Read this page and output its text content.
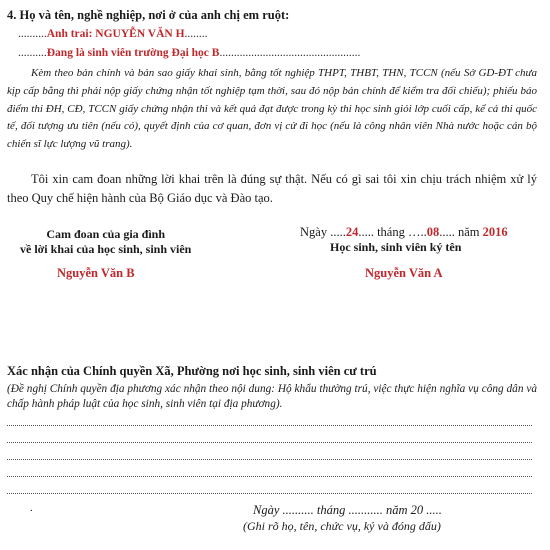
4. Họ và tên, nghề nghiệp, nơi ở của anh chị em ruột:
..........Anh trai: NGUYỄN VĂN H........
..........Đang là sinh viên trường Đại học B.................................................
Kèm theo bản chính và bản sao giấy khai sinh, bằng tốt nghiệp THPT, THBT, THN, TCCN (nếu Sở GD-ĐT chưa kịp cấp bằng thì phải nộp giấy chứng nhận tốt nghiệp tạm thời, sau đó nộp bản chính để kiểm tra đối chiếu); phiếu báo điểm thi ĐH, CĐ, TCCN giấy chứng nhận thi và kết quả đạt được trong kỳ thi học sinh giỏi lớp cuối cấp, kể cả thi quốc tế, đối tượng ưu tiên (nếu có), quyết định của cơ quan, đơn vị cử đi học (nếu là công nhân viên Nhà nước hoặc cán bộ chiến sĩ lực lượng vũ trang).
Tôi xin cam đoan những lời khai trên là đúng sự thật. Nếu có gì sai tôi xin chịu trách nhiệm xử lý theo Quy chế hiện hành của Bộ Giáo dục và Đào tạo.
Cam đoan của gia đình
về lời khai của học sinh, sinh viên
Ngày .....24..... tháng …..08..... năm 2016
Học sinh, sinh viên ký tên
Nguyễn Văn B	Nguyễn Văn A
Xác nhận của Chính quyền Xã, Phường nơi học sinh, sinh viên cư trú
(Đề nghị Chính quyền địa phương xác nhận theo nội dung: Hộ khẩu thường trú, việc thực hiện nghĩa vụ công dân và chấp hành pháp luật của học sinh, sinh viên tại địa phương).
.	Ngày .......... tháng ........... năm 20 .....
(Ghi rõ họ, tên, chức vụ, ký và đóng dấu)
